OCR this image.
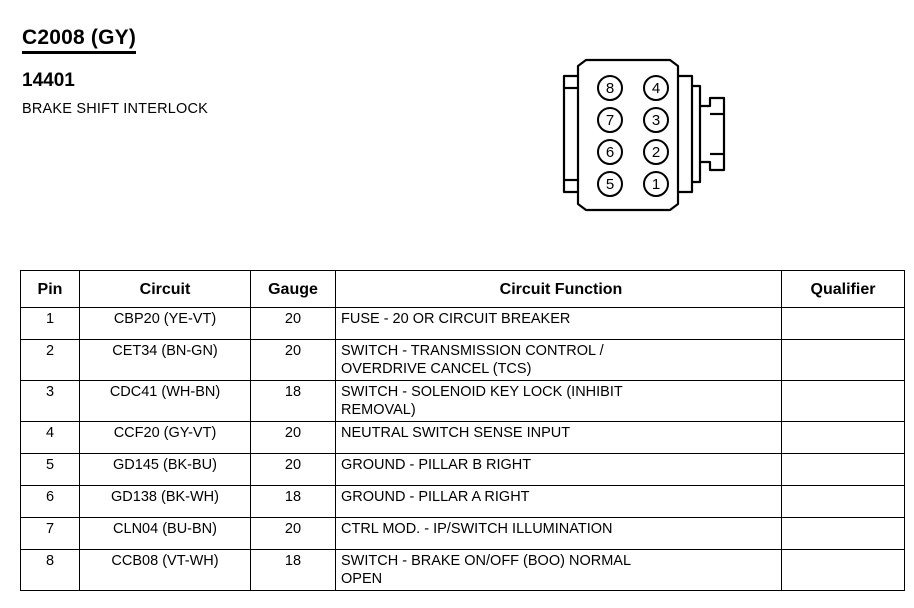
C2008 (GY)
14401
BRAKE SHIFT INTERLOCK
8	4
7	3
6	2
5	1
Pin	Circuit	Gauge	Circuit Function	Qualifier
1	CBP20 (YE-VT)	20	FUSE - 20 OR CIRCUIT BREAKER	
2	CET34 (BN-GN)	20	SWITCH - TRANSMISSION CONTROL /
OVERDRIVE CANCEL (TCS)	

3	CDC41 (WH-BN)	18	SWITCH - SOLENOID KEY LOCK (INHIBIT
REMOVAL)	

4	CCF20 (GY-VT)	20	NEUTRAL SWITCH SENSE INPUT	
5	GD145 (BK-BU)	20	GROUND - PILLAR B RIGHT	
6	GD138 (BK-WH)	18	GROUND - PILLAR A RIGHT	
7	CLN04 (BU-BN)	20	CTRL MOD. - IP/SWITCH ILLUMINATION	
8	CCB08 (VT-WH)	18	SWITCH - BRAKE ON/OFF (BOO) NORMAL
OPEN	
